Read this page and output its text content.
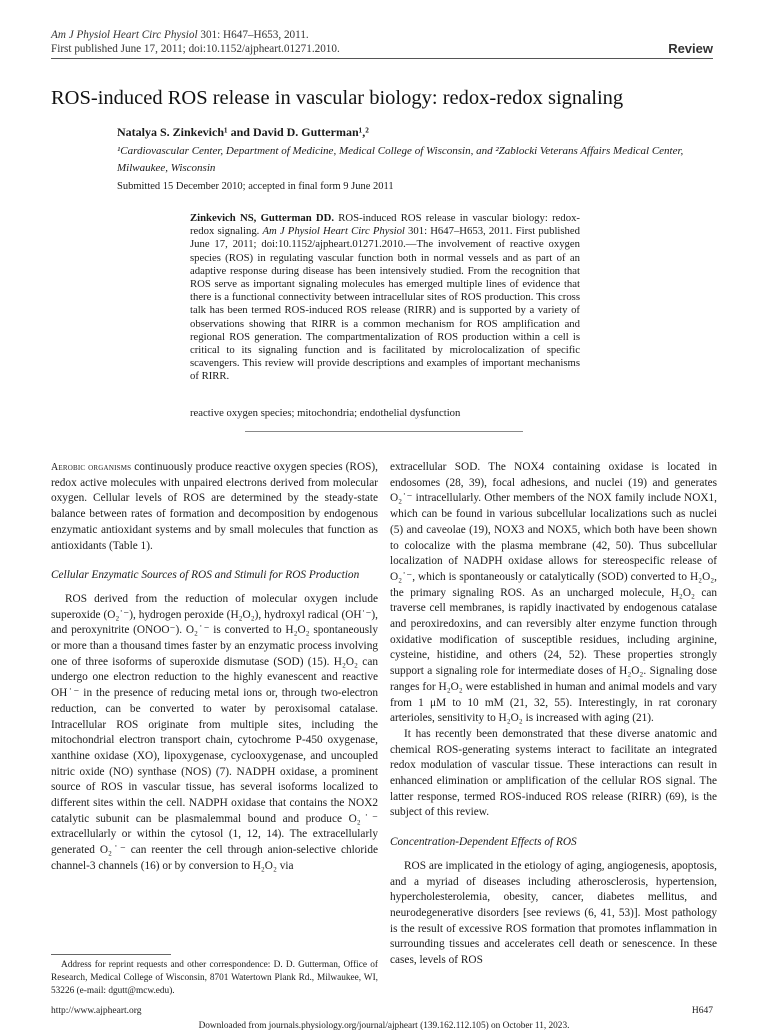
Am J Physiol Heart Circ Physiol 301: H647–H653, 2011.
First published June 17, 2011; doi:10.1152/ajpheart.01271.2010.	Review
ROS-induced ROS release in vascular biology: redox-redox signaling
Natalya S. Zinkevich¹ and David D. Gutterman¹,²
¹Cardiovascular Center, Department of Medicine, Medical College of Wisconsin, and ²Zablocki Veterans Affairs Medical Center, Milwaukee, Wisconsin
Submitted 15 December 2010; accepted in final form 9 June 2011
Zinkevich NS, Gutterman DD. ROS-induced ROS release in vascular biology: redox-redox signaling. Am J Physiol Heart Circ Physiol 301: H647–H653, 2011. First published June 17, 2011; doi:10.1152/ajpheart.01271.2010.—The involvement of reactive oxygen species (ROS) in regulating vascular function both in normal vessels and as part of an adaptive response during disease has been intensively studied. From the recognition that ROS serve as important signaling molecules has emerged multiple lines of evidence that there is a functional connectivity between intracellular sites of ROS production. This cross talk has been termed ROS-induced ROS release (RIRR) and is supported by a variety of observations showing that RIRR is a common mechanism for ROS amplification and regional ROS generation. The compartmentalization of ROS production within a cell is critical to its signaling function and is facilitated by microlocalization of specific scavengers. This review will provide descriptions and examples of important mechanisms of RIRR.
reactive oxygen species; mitochondria; endothelial dysfunction

Aerobic organisms continuously produce reactive oxygen species (ROS), redox active molecules with unpaired electrons derived from molecular oxygen. Cellular levels of ROS are determined by the steady-state balance between rates of formation and decomposition by endogenous enzymatic antioxidant systems and by small molecules that function as antioxidants (Table 1).

Cellular Enzymatic Sources of ROS and Stimuli for ROS Production

ROS derived from the reduction of molecular oxygen include superoxide (O₂˙⁻), hydrogen peroxide (H₂O₂), hydroxyl radical (OH˙⁻), and peroxynitrite (ONOO⁻). O₂˙⁻ is converted to H₂O₂ spontaneously or more than a thousand times faster by an enzymatic process involving one of three isoforms of superoxide dismutase (SOD) (15). H₂O₂ can undergo one electron reduction to the highly evanescent and reactive OH˙⁻ in the presence of reducing metal ions or, through two-electron reduction, can be converted to water by peroxisomal catalase. Intracellular ROS originate from multiple sites, including the mitochondrial electron transport chain, cytochrome P-450 oxygenase, xanthine oxidase (XO), lipoxygenase, cyclooxygenase, and uncoupled nitric oxide (NO) synthase (NOS) (7). NADPH oxidase, a prominent source of ROS in vascular tissue, has several isoforms localized to different sites within the cell. NADPH oxidase that contains the NOX2 catalytic subunit can be plasmalemmal bound and produce O₂˙⁻ extracellularly or within the cytosol (1, 12, 14). The extracellularly generated O₂˙⁻ can reenter the cell through anion-selective chloride channel-3 channels (16) or by conversion to H₂O₂ via

extracellular SOD. The NOX4 containing oxidase is located in endosomes (28, 39), focal adhesions, and nuclei (19) and generates O₂˙⁻ intracellularly. Other members of the NOX family include NOX1, which can be found in various subcellular localizations such as nuclei (5) and caveolae (19), NOX3 and NOX5, which both have been shown to colocalize with the plasma membrane (42, 50). Thus subcellular localization of NADPH oxidase allows for stereospecific release of O₂˙⁻, which is spontaneously or catalytically (SOD) converted to H₂O₂, the primary signaling ROS. As an uncharged molecule, H₂O₂ can traverse cell membranes, is rapidly inactivated by endogenous catalase and peroxiredoxins, and can reversibly alter enzyme function through oxidative modification of susceptible residues, including arginine, cysteine, histidine, and others (24, 52). These properties strongly support a signaling role for intermediate doses of H₂O₂. Signaling dose ranges for H₂O₂ were established in human and animal models and vary from 1 μM to 10 mM (21, 32, 55). Interestingly, in rat coronary arterioles, sensitivity to H₂O₂ is increased with aging (21).

It has recently been demonstrated that these diverse anatomic and chemical ROS-generating systems interact to facilitate an integrated redox modulation of vascular tissue. These interactions can result in enhanced elimination or amplification of the cellular ROS signal. The latter response, termed ROS-induced ROS release (RIRR) (69), is the subject of this review.

Concentration-Dependent Effects of ROS

ROS are implicated in the etiology of aging, angiogenesis, apoptosis, and a myriad of diseases including atherosclerosis, hypertension, hypercholesterolemia, obesity, cancer, diabetes mellitus, and neurodegenerative disorders [see reviews (6, 41, 53)]. Most pathology is the result of excessive ROS formation that promotes inflammation in surrounding tissues and accelerates cell death or senescence. In these cases, levels of ROS

Address for reprint requests and other correspondence: D. D. Gutterman, Office of Research, Medical College of Wisconsin, 8701 Watertown Plank Rd., Milwaukee, WI, 53226 (e-mail: dgutt@mcw.edu).
http://www.ajpheart.org	H647
Downloaded from journals.physiology.org/journal/ajpheart (139.162.112.105) on October 11, 2023.
